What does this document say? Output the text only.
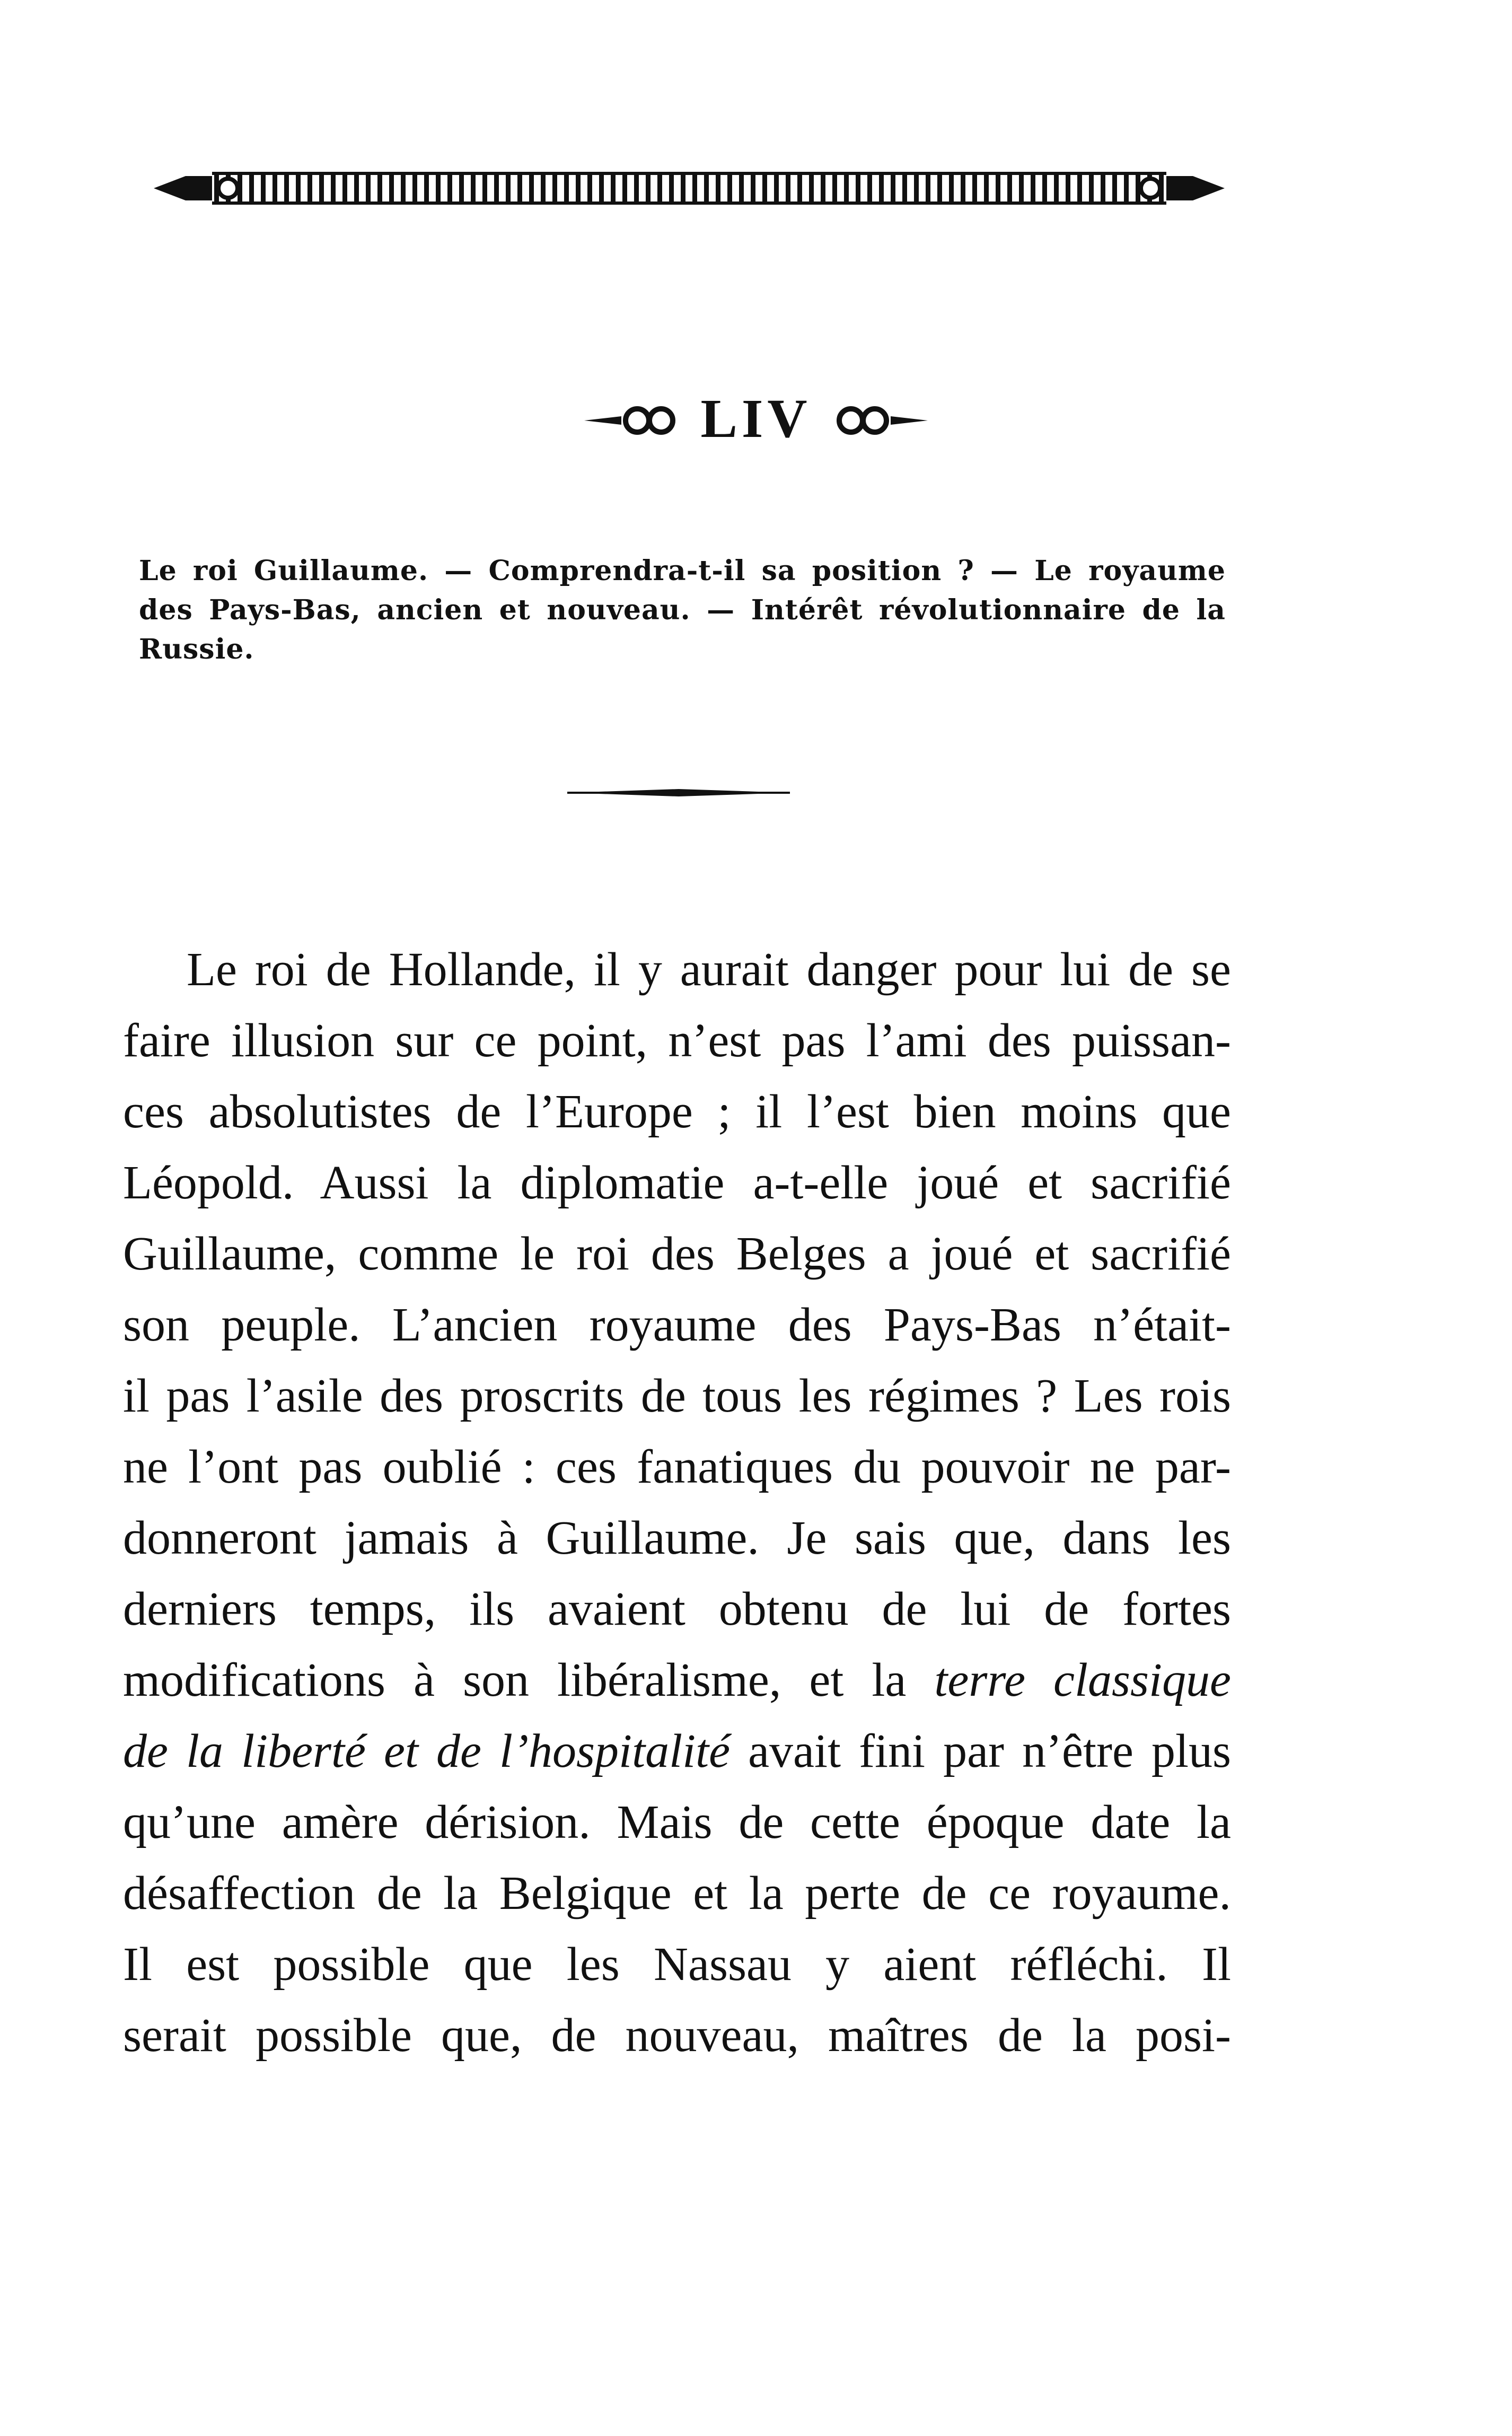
LIV

Le roi Guillaume. — Comprendra-t-il sa position ? — Le royaume des Pays-Bas, ancien et nouveau. — Intérêt révolutionnaire de la Russie.

Le roi de Hollande, il y aurait danger pour lui de se
faire illusion sur ce point, n’est pas l’ami des puissan-
ces absolutistes de l’Europe ; il l’est bien moins que
Léopold. Aussi la diplomatie a-t-elle joué et sacrifié
Guillaume, comme le roi des Belges a joué et sacrifié
son peuple. L’ancien royaume des Pays-Bas n’était-
il pas l’asile des proscrits de tous les régimes ? Les rois
ne l’ont pas oublié : ces fanatiques du pouvoir ne par-
donneront jamais à Guillaume. Je sais que, dans les
derniers temps, ils avaient obtenu de lui de fortes
modifications à son libéralisme, et la terre classique
de la liberté et de l’hospitalité avait fini par n’être plus
qu’une amère dérision. Mais de cette époque date la
désaffection de la Belgique et la perte de ce royaume.
Il est possible que les Nassau y aient réfléchi. Il
serait possible que, de nouveau, maîtres de la posi-
